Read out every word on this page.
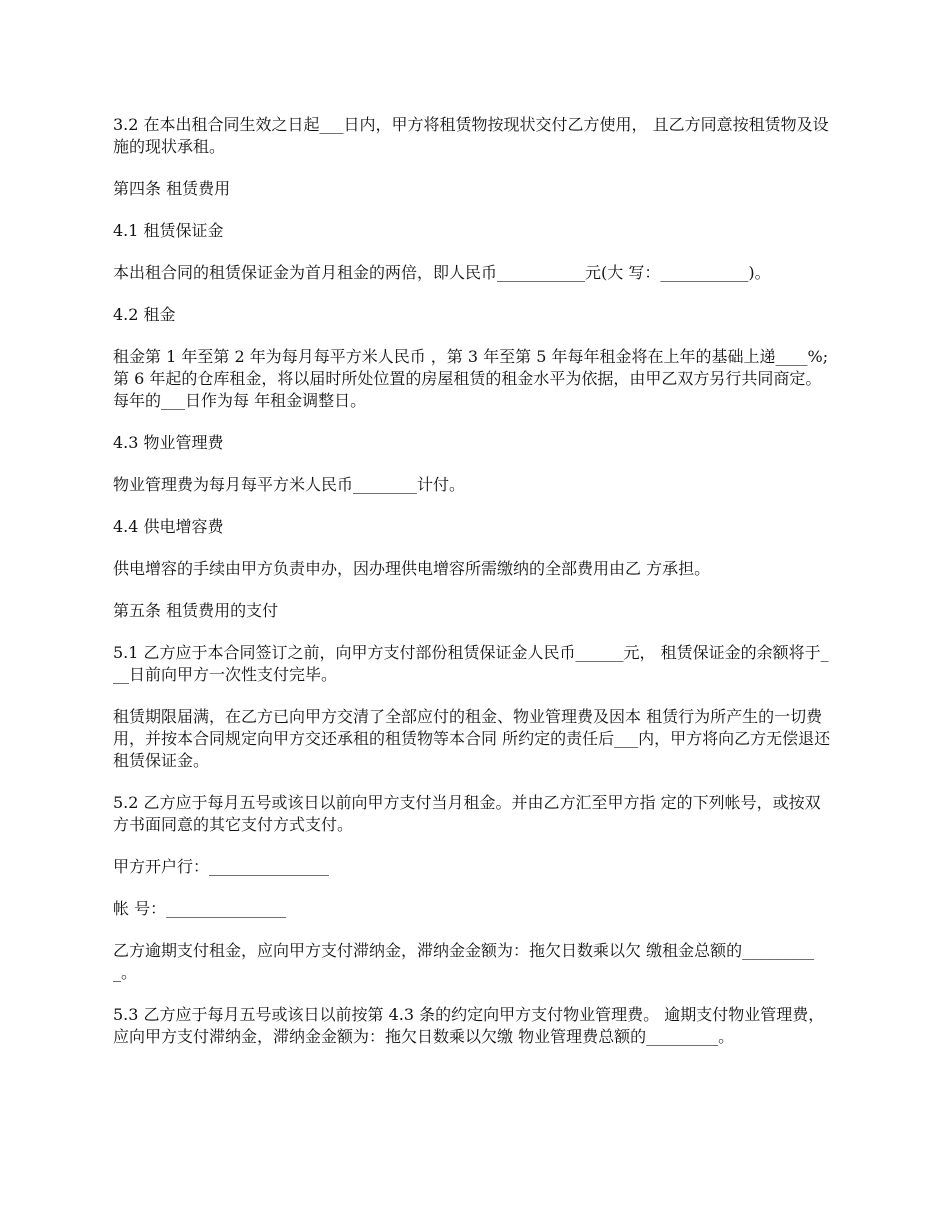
3.2 在本出租合同生效之日起___日内，甲方将租赁物按现状交付乙方使用， 且乙方同意按租赁物及设施的现状承租。

第四条 租赁费用

4.1 租赁保证金

本出租合同的租赁保证金为首月租金的两倍，即人民币___________元(大 写：___________)。

4.2 租金

租金第 1 年至第 2 年为每月每平方米人民币 ，第 3 年至第 5 年每年租金将在上年的基础上递____%;第 6 年起的仓库租金，将以届时所处位置的房屋租赁的租金水平为依据，由甲乙双方另行共同商定。每年的___日作为每 年租金调整日。

4.3 物业管理费

物业管理费为每月每平方米人民币________计付。

4.4 供电增容费

供电增容的手续由甲方负责申办，因办理供电增容所需缴纳的全部费用由乙 方承担。

第五条 租赁费用的支付

5.1 乙方应于本合同签订之前，向甲方支付部份租赁保证金人民币______元， 租赁保证金的余额将于___日前向甲方一次性支付完毕。

租赁期限届满，在乙方已向甲方交清了全部应付的租金、物业管理费及因本 租赁行为所产生的一切费用，并按本合同规定向甲方交还承租的租赁物等本合同 所约定的责任后___内，甲方将向乙方无偿退还租赁保证金。

5.2 乙方应于每月五号或该日以前向甲方支付当月租金。并由乙方汇至甲方指 定的下列帐号，或按双方书面同意的其它支付方式支付。

甲方开户行：_______________

帐 号：_______________

乙方逾期支付租金，应向甲方支付滞纳金，滞纳金金额为：拖欠日数乘以欠 缴租金总额的__________。

5.3 乙方应于每月五号或该日以前按第 4.3 条的约定向甲方支付物业管理费。 逾期支付物业管理费，应向甲方支付滞纳金，滞纳金金额为：拖欠日数乘以欠缴 物业管理费总额的_________。
